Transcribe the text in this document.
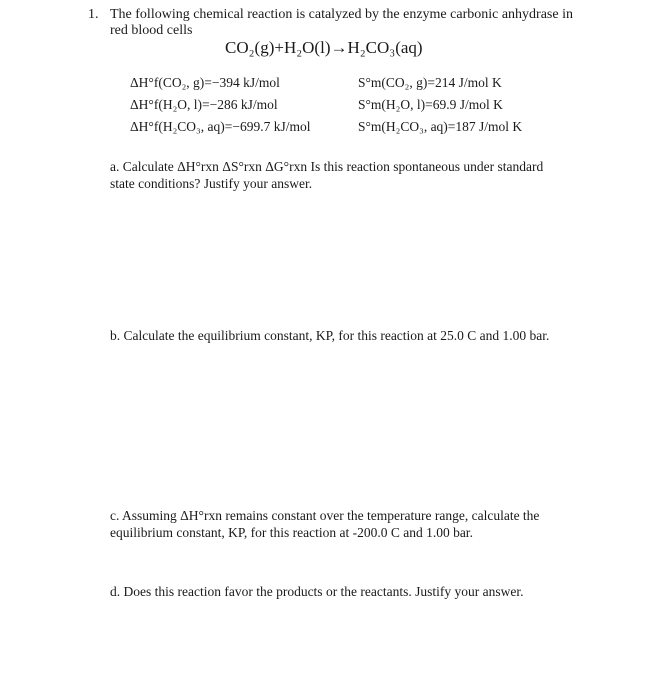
1. The following chemical reaction is catalyzed by the enzyme carbonic anhydrase in red blood cells
CO₂(g)+H₂O(l)→H₂CO₃(aq)
ΔH°f(CO₂, g)=−394 kJ/mol	S°m(CO₂, g)=214 J/mol K
ΔH°f(H₂O, l)=−286 kJ/mol	S°m(H₂O, l)=69.9 J/mol K
ΔH°f(H₂CO₃, aq)=−699.7 kJ/mol	S°m(H₂CO₃, aq)=187 J/mol K
a. Calculate ΔH°rxn ΔS°rxn ΔG°rxn Is this reaction spontaneous under standard state conditions? Justify your answer.
b. Calculate the equilibrium constant, KP, for this reaction at 25.0 C and 1.00 bar.
c. Assuming ΔH°rxn remains constant over the temperature range, calculate the equilibrium constant, KP, for this reaction at -200.0 C and 1.00 bar.
d. Does this reaction favor the products or the reactants. Justify your answer.
